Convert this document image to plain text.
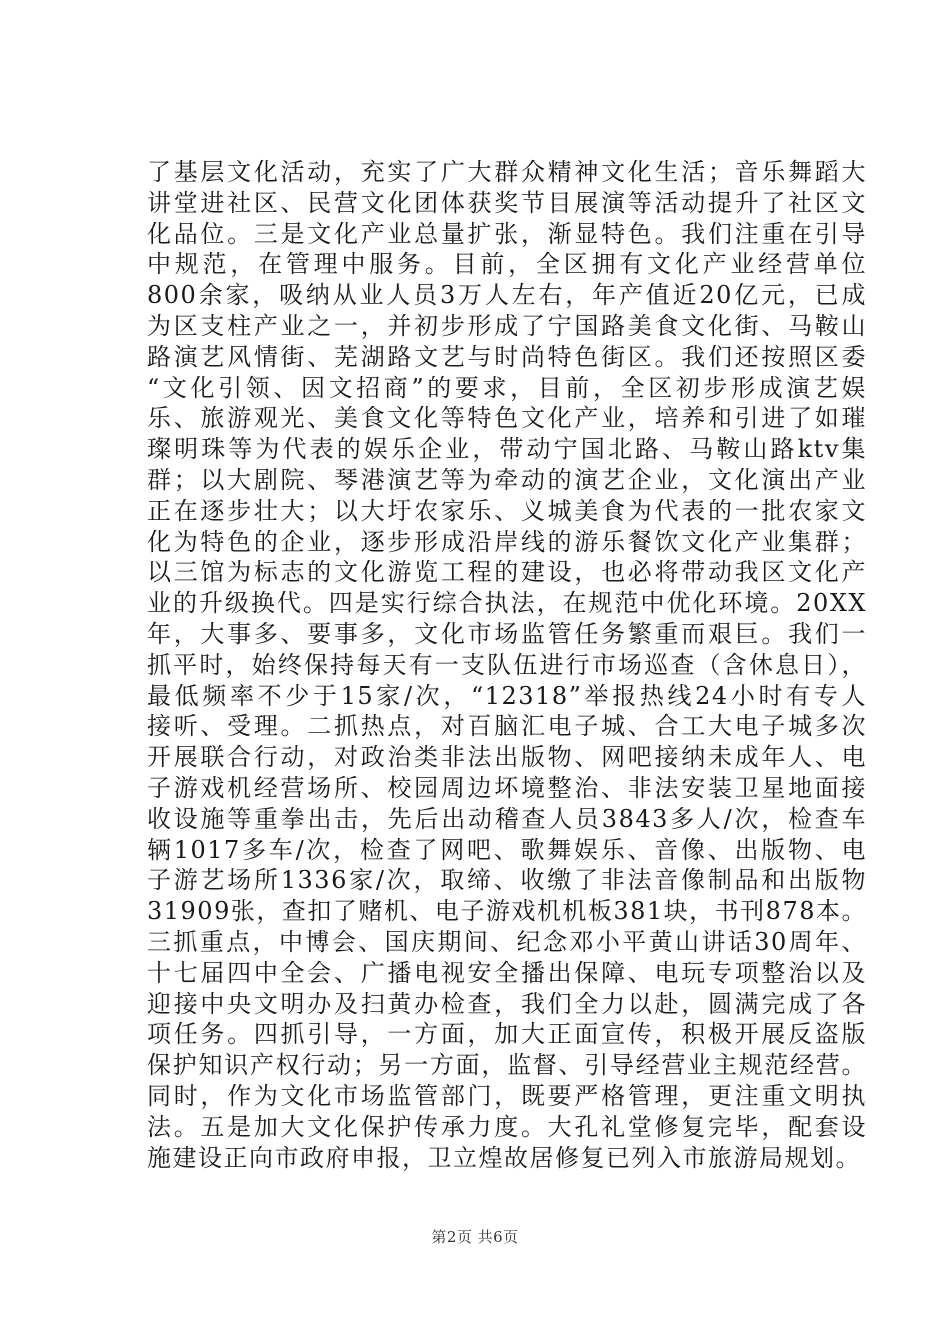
了基层文化活动，充实了广大群众精神文化生活；音乐舞蹈大
讲堂进社区、民营文化团体获奖节目展演等活动提升了社区文
化品位。三是文化产业总量扩张，渐显特色。我们注重在引导
中规范，在管理中服务。目前，全区拥有文化产业经营单位
800余家，吸纳从业人员3万人左右，年产值近20亿元，已成
为区支柱产业之一，并初步形成了宁国路美食文化街、马鞍山
路演艺风情街、芜湖路文艺与时尚特色街区。我们还按照区委
“文化引领、因文招商”的要求，目前，全区初步形成演艺娱
乐、旅游观光、美食文化等特色文化产业，培养和引进了如璀
璨明珠等为代表的娱乐企业，带动宁国北路、马鞍山路ktv集
群；以大剧院、琴港演艺等为牵动的演艺企业，文化演出产业
正在逐步壮大；以大圩农家乐、义城美食为代表的一批农家文
化为特色的企业，逐步形成沿岸线的游乐餐饮文化产业集群；
以三馆为标志的文化游览工程的建设，也必将带动我区文化产
业的升级换代。四是实行综合执法，在规范中优化环境。20XX
年，大事多、要事多，文化市场监管任务繁重而艰巨。我们一
抓平时，始终保持每天有一支队伍进行市场巡查（含休息日），
最低频率不少于15家/次，“12318”举报热线24小时有专人
接听、受理。二抓热点，对百脑汇电子城、合工大电子城多次
开展联合行动，对政治类非法出版物、网吧接纳未成年人、电
子游戏机经营场所、校园周边坏境整治、非法安装卫星地面接
收设施等重拳出击，先后出动稽查人员3843多人/次，检查车
辆1017多车/次，检查了网吧、歌舞娱乐、音像、出版物、电
子游艺场所1336家/次，取缔、收缴了非法音像制品和出版物
31909张，查扣了赌机、电子游戏机机板381块，书刊878本。
三抓重点，中博会、国庆期间、纪念邓小平黄山讲话30周年、
十七届四中全会、广播电视安全播出保障、电玩专项整治以及
迎接中央文明办及扫黄办检查，我们全力以赴，圆满完成了各
项任务。四抓引导，一方面，加大正面宣传，积极开展反盗版
保护知识产权行动；另一方面，监督、引导经营业主规范经营。
同时，作为文化市场监管部门，既要严格管理，更注重文明执
法。五是加大文化保护传承力度。大孔礼堂修复完毕，配套设
施建设正向市政府申报，卫立煌故居修复已列入市旅游局规划。
第2页 共6页
